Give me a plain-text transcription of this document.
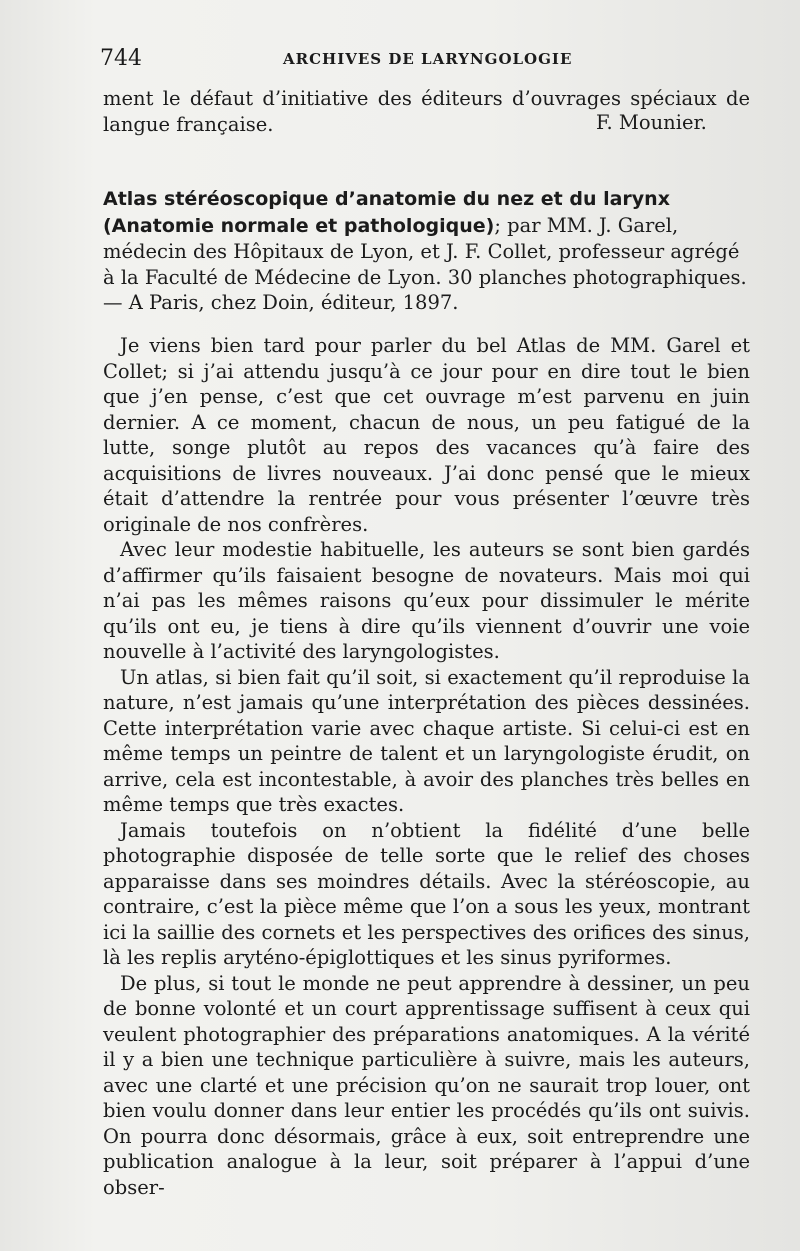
744	ARCHIVES DE LARYNGOLOGIE
ment le défaut d’initiative des éditeurs d’ouvrages spéciaux de langue française.	F. Mounier.
Atlas stéréoscopique d’anatomie du nez et du larynx (Anatomie normale et pathologique); par MM. J. Garel, médecin des Hôpitaux de Lyon, et J. F. Collet, professeur agrégé à la Faculté de Médecine de Lyon. 30 planches photographiques. — A Paris, chez Doin, éditeur, 1897.

Je viens bien tard pour parler du bel Atlas de MM. Garel et Collet; si j’ai attendu jusqu’à ce jour pour en dire tout le bien que j’en pense, c’est que cet ouvrage m’est parvenu en juin dernier. A ce moment, chacun de nous, un peu fatigué de la lutte, songe plutôt au repos des vacances qu’à faire des acquisitions de livres nouveaux. J’ai donc pensé que le mieux était d’attendre la rentrée pour vous présenter l’œuvre très originale de nos confrères.

Avec leur modestie habituelle, les auteurs se sont bien gardés d’affirmer qu’ils faisaient besogne de novateurs. Mais moi qui n’ai pas les mêmes raisons qu’eux pour dissimuler le mérite qu’ils ont eu, je tiens à dire qu’ils viennent d’ouvrir une voie nouvelle à l’activité des laryngologistes.

Un atlas, si bien fait qu’il soit, si exactement qu’il reproduise la nature, n’est jamais qu’une interprétation des pièces dessinées. Cette interprétation varie avec chaque artiste. Si celui-ci est en même temps un peintre de talent et un laryngologiste érudit, on arrive, cela est incontestable, à avoir des planches très belles en même temps que très exactes.

Jamais toutefois on n’obtient la fidélité d’une belle photographie disposée de telle sorte que le relief des choses apparaisse dans ses moindres détails. Avec la stéréoscopie, au contraire, c’est la pièce même que l’on a sous les yeux, montrant ici la saillie des cornets et les perspectives des orifices des sinus, là les replis aryténo-épiglottiques et les sinus pyriformes.

De plus, si tout le monde ne peut apprendre à dessiner, un peu de bonne volonté et un court apprentissage suffisent à ceux qui veulent photographier des préparations anatomiques. A la vérité il y a bien une technique particulière à suivre, mais les auteurs, avec une clarté et une précision qu’on ne saurait trop louer, ont bien voulu donner dans leur entier les procédés qu’ils ont suivis. On pourra donc désormais, grâce à eux, soit entreprendre une publication analogue à la leur, soit préparer à l’appui d’une obser-
